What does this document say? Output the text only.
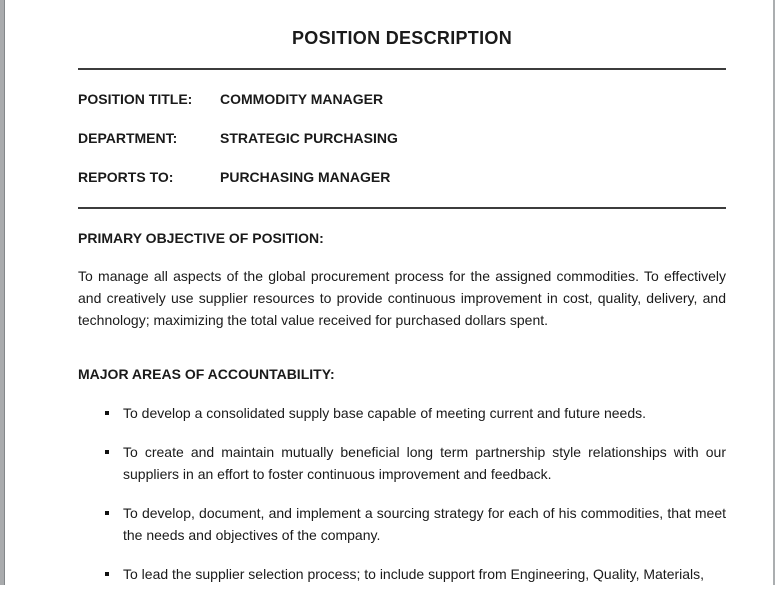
POSITION DESCRIPTION
POSITION TITLE: COMMODITY MANAGER
DEPARTMENT:	STRATEGIC PURCHASING
REPORTS TO:	PURCHASING MANAGER
PRIMARY OBJECTIVE OF POSITION:

To manage all aspects of the global procurement process for the assigned commodities. To effectively and creatively use supplier resources to provide continuous improvement in cost, quality, delivery, and technology; maximizing the total value received for purchased dollars spent.

MAJOR AREAS OF ACCOUNTABILITY:
To develop a consolidated supply base capable of meeting current and future needs.
To create and maintain mutually beneficial long term partnership style relationships with our suppliers in an effort to foster continuous improvement and feedback.
To develop, document, and implement a sourcing strategy for each of his commodities, that meet the needs and objectives of the company.
To lead the supplier selection process; to include support from Engineering, Quality, Materials,
